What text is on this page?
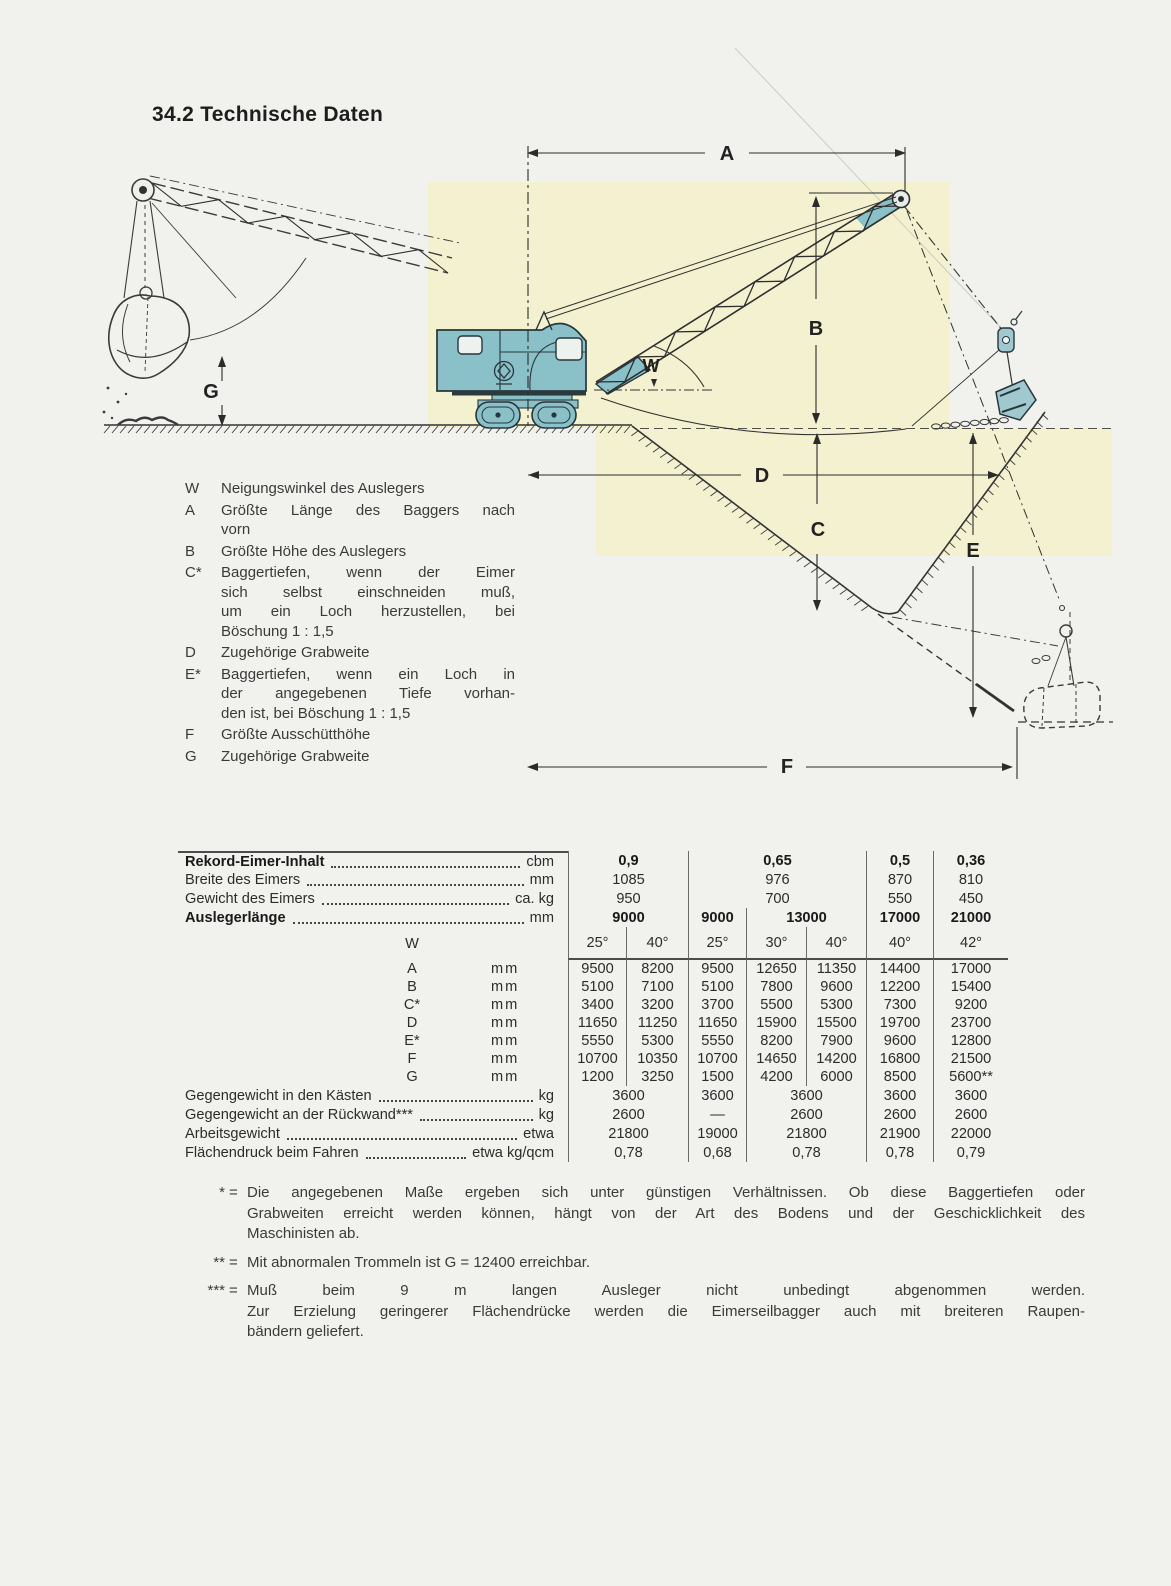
34.2 Technische Daten
A
B
C
D
E
F
G
W
W	Neigungswinkel des Auslegers
A	Größte Länge des Baggers nach
vorn
B	Größte Höhe des Auslegers
C*	Baggertiefen, wenn der Eimer
sich selbst einschneiden muß,
um ein Loch herzustellen, bei
Böschung 1 : 1,5
D	Zugehörige Grabweite
E*	Baggertiefen, wenn ein Loch in
der angegebenen Tiefe vorhan-
den ist, bei Böschung 1 : 1,5
F	Größte Ausschütthöhe
G	Zugehörige Grabweite
Rekord-Eimer-Inhalt	cbm	0,9	0,65	0,5	0,36
Breite des Eimers	mm	1085	976	870	810
Gewicht des Eimers	ca. kg	950	700	550	450
Auslegerlänge	mm	9000	9000	13000	17000	21000
W	25°	40°	25°	30°	40°	40°	42°
A	mm	9500	8200	9500	12650	11350	14400	17000
B	mm	5100	7100	5100	7800	9600	12200	15400
C*	mm	3400	3200	3700	5500	5300	7300	9200
D	mm	11650	11250	11650	15900	15500	19700	23700
E*	mm	5550	5300	5550	8200	7900	9600	12800
F	mm	10700	10350	10700	14650	14200	16800	21500
G	mm	1200	3250	1500	4200	6000	8500	5600**
Gegengewicht in den Kästen	kg	3600	3600	3600	3600	3600
Gegengewicht an der Rückwand***	kg	2600	—	2600	2600	2600
Arbeitsgewicht	etwa	21800	19000	21800	21900	22000
Flächendruck beim Fahren	etwa kg/qcm	0,78	0,68	0,78	0,78	0,79
* = Die angegebenen Maße ergeben sich unter günstigen Verhältnissen. Ob diese Baggertiefen oder
Grabweiten erreicht werden können, hängt von der Art des Bodens und der Geschicklichkeit des
Maschinisten ab.
** = Mit abnormalen Trommeln ist G = 12400 erreichbar.
*** = Muß beim 9 m langen Ausleger nicht unbedingt abgenommen werden.
Zur Erzielung geringerer Flächendrücke werden die Eimerseilbagger auch mit breiteren Raupen-
bändern geliefert.
